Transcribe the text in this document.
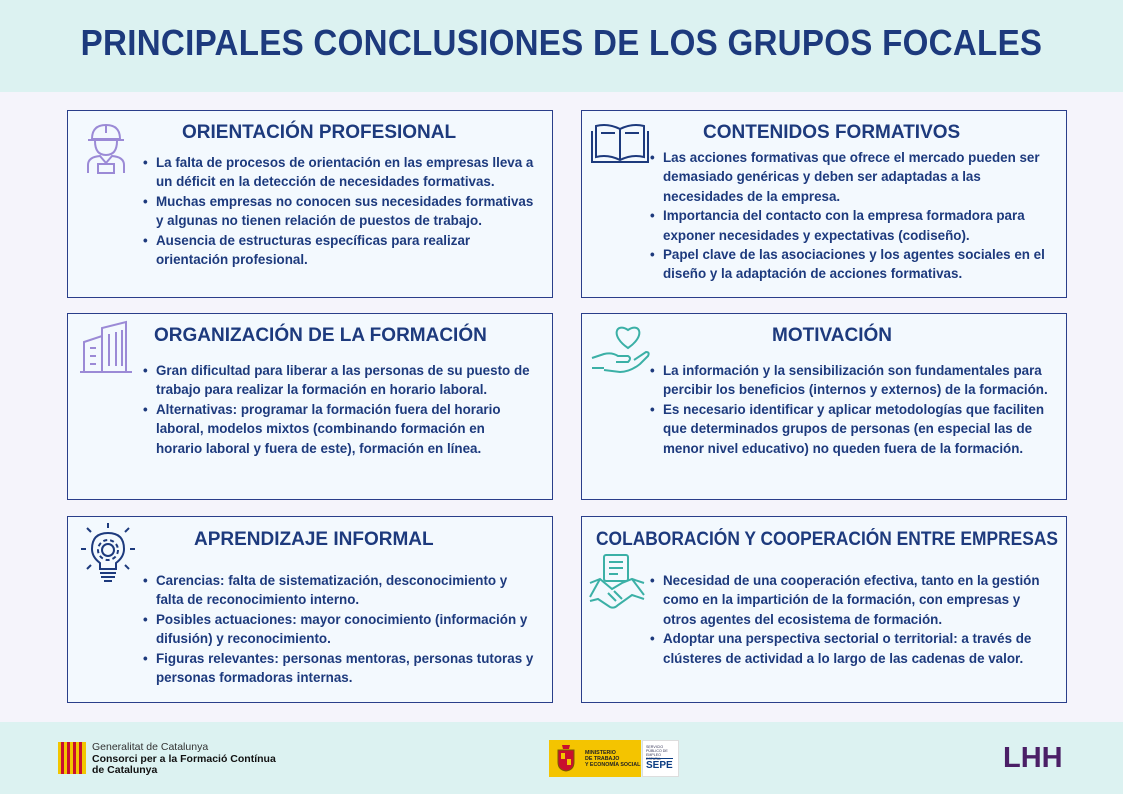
PRINCIPALES CONCLUSIONES DE LOS GRUPOS FOCALES
ORIENTACIÓN PROFESIONAL
• La falta de procesos de orientación en las empresas lleva a un déficit en la detección de necesidades formativas.
• Muchas empresas no conocen sus necesidades formativas y algunas no tienen relación de puestos de trabajo.
• Ausencia de estructuras específicas para realizar orientación profesional.
CONTENIDOS FORMATIVOS
• Las acciones formativas que ofrece el mercado pueden ser demasiado genéricas y deben ser adaptadas a las necesidades de la empresa.
• Importancia del contacto con la empresa formadora para exponer necesidades y expectativas (codiseño).
• Papel clave de las asociaciones y los agentes sociales en el diseño y la adaptación de acciones formativas.
ORGANIZACIÓN DE LA FORMACIÓN
• Gran dificultad para liberar a las personas de su puesto de trabajo para realizar la formación en horario laboral.
• Alternativas: programar la formación fuera del horario laboral, modelos mixtos (combinando formación en horario laboral y fuera de este), formación en línea.
MOTIVACIÓN
• La información y la sensibilización son fundamentales para percibir los beneficios (internos y externos) de la formación.
• Es necesario identificar y aplicar metodologías que faciliten que determinados grupos de personas (en especial las de menor nivel educativo) no queden fuera de la formación.
APRENDIZAJE INFORMAL
• Carencias: falta de sistematización, desconocimiento y falta de reconocimiento interno.
• Posibles actuaciones: mayor conocimiento (información y difusión) y reconocimiento.
• Figuras relevantes: personas mentoras, personas tutoras y personas formadoras internas.
COLABORACIÓN Y COOPERACIÓN ENTRE EMPRESAS
• Necesidad de una cooperación efectiva, tanto en la gestión como en la impartición de la formación, con empresas y otros agentes del ecosistema de formación.
• Adoptar una perspectiva sectorial o territorial: a través de clústeres de actividad a lo largo de las cadenas de valor.
Generalitat de Catalunya
Consorci per a la Formació Contínua
de Catalunya
MINISTERIO
DE TRABAJO
Y ECONOMÍA SOCIAL
SERVICIO PÚBLICO DE EMPLEO ESTATAL
SEPE	LHH
